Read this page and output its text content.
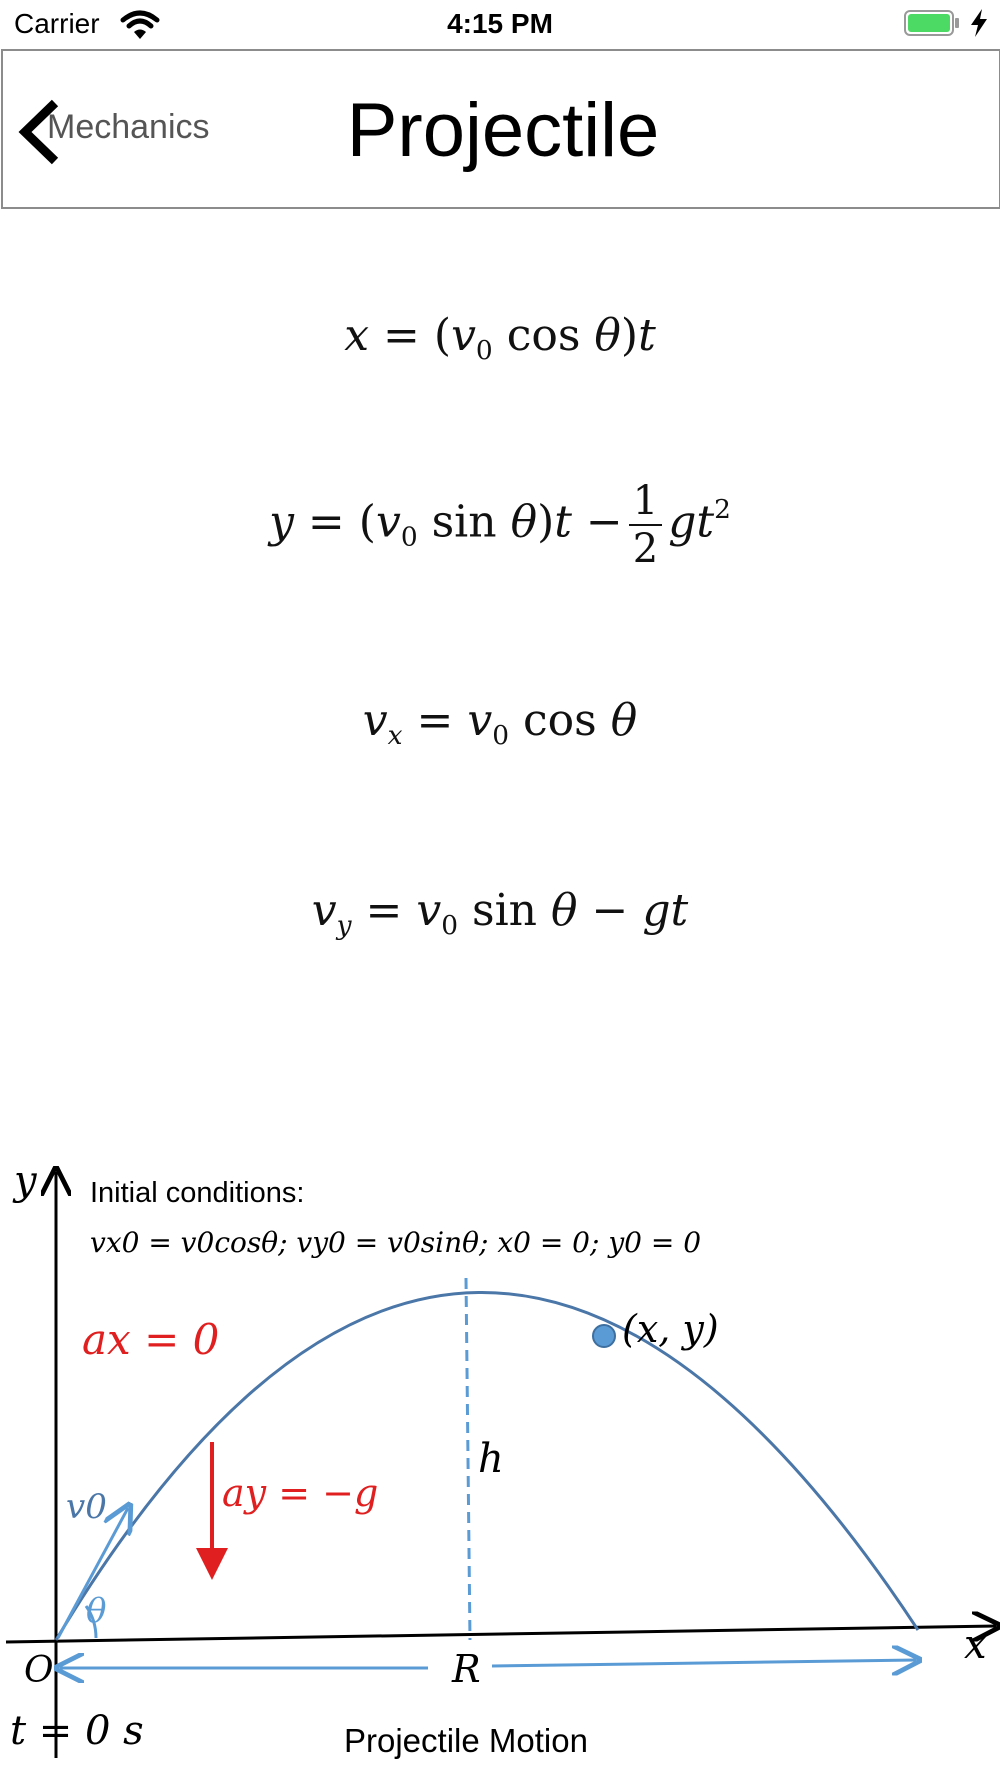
Carrier	4:15 PM
Mechanics	Projectile
$x = (v_0$ cos θ)t
$y = (v_0$ $\sin \theta)t - \frac{1}{2} gt^2$
$v_x = v_0$ cos θ
$v_y = v_0$ sin θ − gt
y
x
Initial conditions:
vx0 = v0cosθ; vy0 = v0sinθ; x0 = 0; y0 = 0
ax = 0
ay = −g
v0
θ
h
R
O
t = 0 s
(x, y)
Projectile Motion
